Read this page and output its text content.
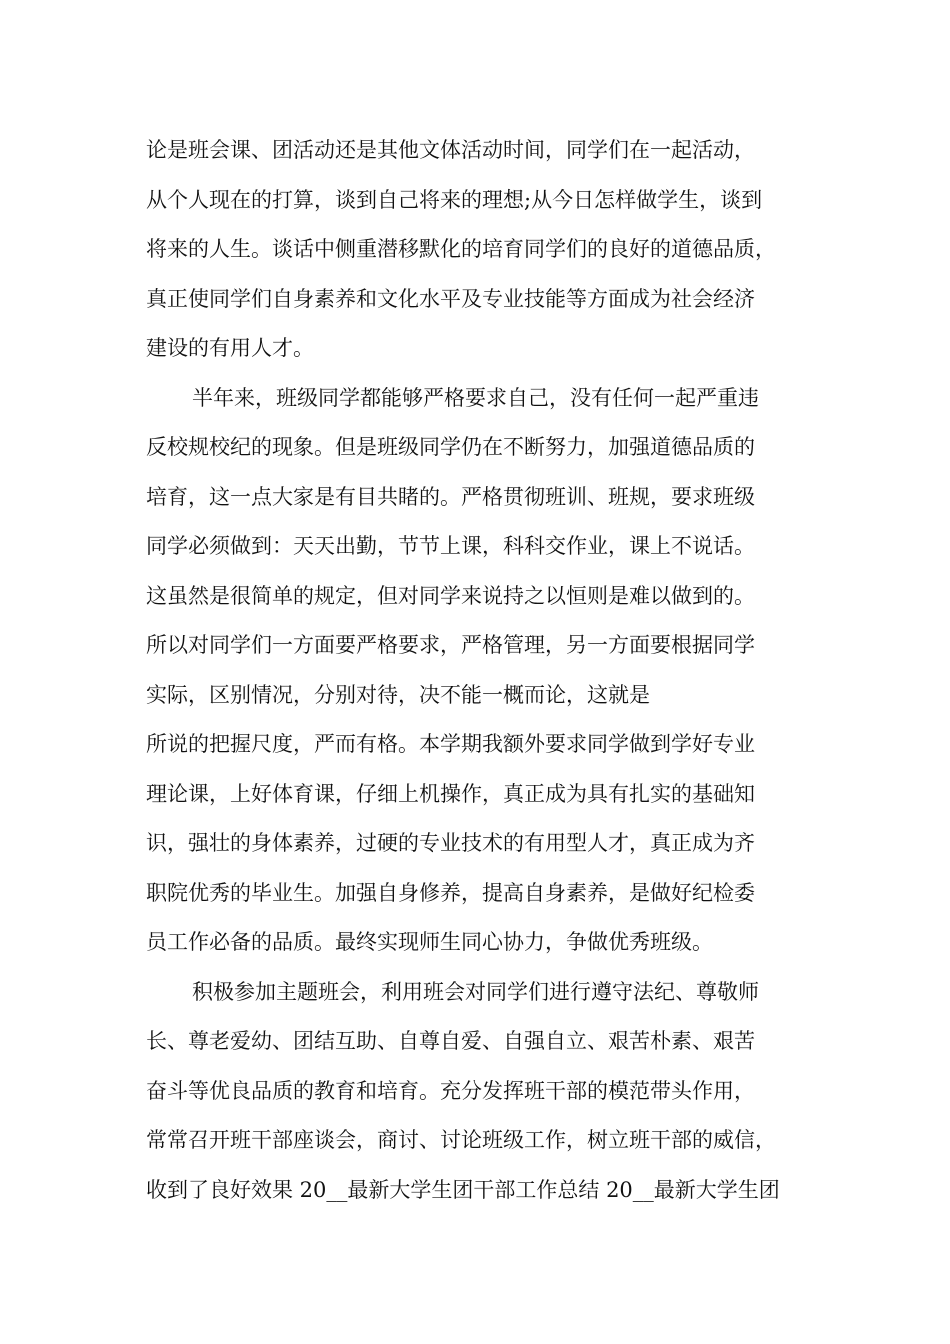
论是班会课、团活动还是其他文体活动时间，同学们在一起活动，
从个人现在的打算，谈到自己将来的理想;从今日怎样做学生，谈到
将来的人生。谈话中侧重潜移默化的培育同学们的良好的道德品质，
真正使同学们自身素养和文化水平及专业技能等方面成为社会经济
建设的有用人才。
半年来，班级同学都能够严格要求自己，没有任何一起严重违
反校规校纪的现象。但是班级同学仍在不断努力，加强道德品质的
培育，这一点大家是有目共睹的。严格贯彻班训、班规，要求班级
同学必须做到：天天出勤，节节上课，科科交作业，课上不说话。
这虽然是很简单的规定，但对同学来说持之以恒则是难以做到的。
所以对同学们一方面要严格要求，严格管理，另一方面要根据同学
实际，区别情况，分别对待，决不能一概而论，这就是
所说的把握尺度，严而有格。本学期我额外要求同学做到学好专业
理论课，上好体育课，仔细上机操作，真正成为具有扎实的基础知
识，强壮的身体素养，过硬的专业技术的有用型人才，真正成为齐
职院优秀的毕业生。加强自身修养，提高自身素养，是做好纪检委
员工作必备的品质。最终实现师生同心协力，争做优秀班级。
积极参加主题班会，利用班会对同学们进行遵守法纪、尊敬师
长、尊老爱幼、团结互助、自尊自爱、自强自立、艰苦朴素、艰苦
奋斗等优良品质的教育和培育。充分发挥班干部的模范带头作用，
常常召开班干部座谈会，商讨、讨论班级工作，树立班干部的威信，
收到了良好效果 20__最新大学生团干部工作总结 20__最新大学生团
